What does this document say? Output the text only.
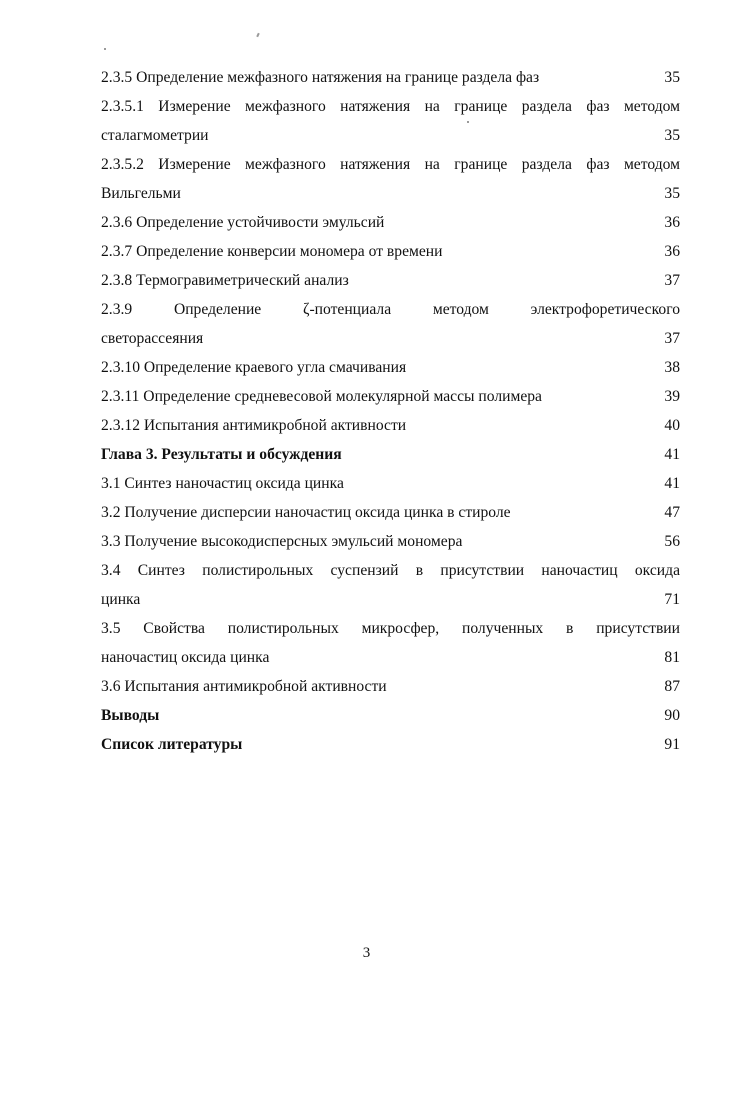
2.3.5 Определение межфазного натяжения на границе раздела фаз	35
2.3.5.1 Измерение межфазного натяжения на границе раздела фаз методом
сталагмометрии	35
2.3.5.2 Измерение межфазного натяжения на границе раздела фаз методом
Вильгельми	35
2.3.6 Определение устойчивости эмульсий	36
2.3.7 Определение конверсии мономера от времени	36
2.3.8 Термогравиметрический анализ	37
2.3.9 Определение ζ-потенциала методом электрофоретического
светорассеяния	37
2.3.10 Определение краевого угла смачивания	38
2.3.11 Определение средневесовой молекулярной массы полимера	39
2.3.12 Испытания антимикробной активности	40
Глава 3. Результаты и обсуждения	41
3.1 Синтез наночастиц оксида цинка	41
3.2 Получение дисперсии наночастиц оксида цинка в стироле	47
3.3 Получение высокодисперсных эмульсий мономера	56
3.4 Синтез полистирольных суспензий в присутствии наночастиц оксида
цинка	71
3.5 Свойства полистирольных микросфер, полученных в присутствии
наночастиц оксида цинка	81
3.6 Испытания антимикробной активности	87
Выводы	90
Список литературы	91
3
